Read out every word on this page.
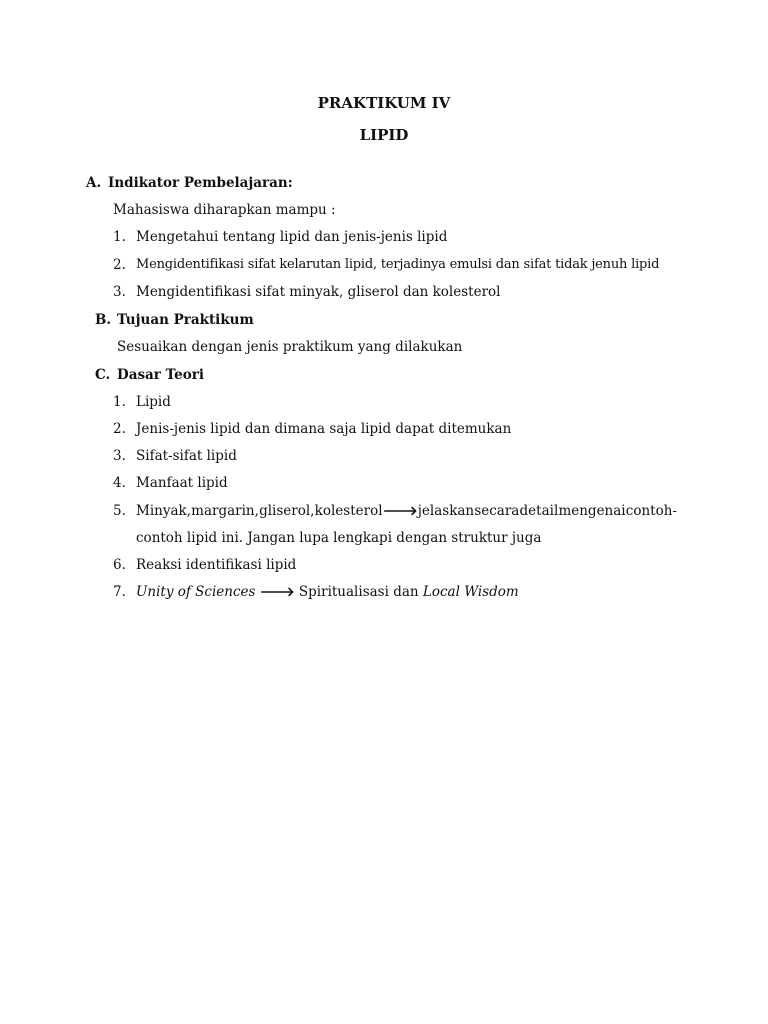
PRAKTIKUM IV
LIPID
A. Indikator Pembelajaran:
Mahasiswa diharapkan mampu :
1. Mengetahui tentang lipid dan jenis-jenis lipid
2. Mengidentifikasi sifat kelarutan lipid, terjadinya emulsi dan sifat tidak jenuh lipid
3. Mengidentifikasi sifat minyak, gliserol dan kolesterol
B. Tujuan Praktikum
Sesuaikan dengan jenis praktikum yang dilakukan
C. Dasar Teori
1. Lipid
2. Jenis-jenis lipid dan dimana saja lipid dapat ditemukan
3. Sifat-sifat lipid
4. Manfaat lipid
5. Minyak, margarin, gliserol, kolesterol 🡒 jelaskan secara detail mengenai contoh-
contoh lipid ini. Jangan lupa lengkapi dengan struktur juga
6. Reaksi identifikasi lipid
7. Unity of Sciences 🡒 Spiritualisasi dan Local Wisdom
